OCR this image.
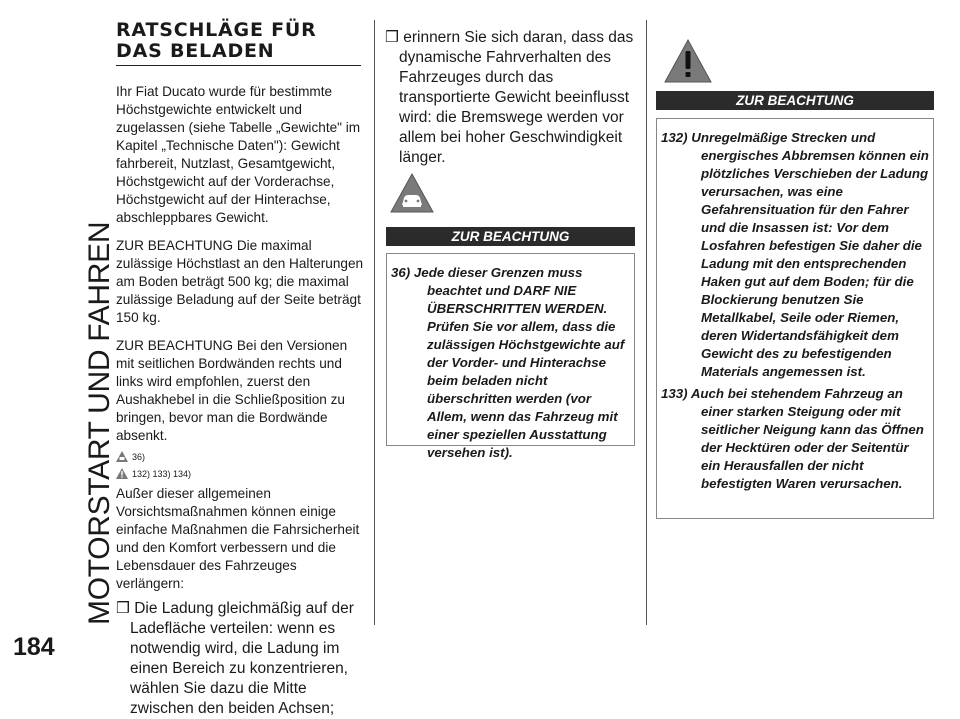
MOTORSTART UND FAHREN
184
RATSCHLÄGE FÜR DAS BELADEN
Ihr Fiat Ducato wurde für bestimmte Höchstgewichte entwickelt und zugelassen (siehe Tabelle „Gewichte" im Kapitel „Technische Daten"): Gewicht fahrbereit, Nutzlast, Gesamtgewicht, Höchstgewicht auf der Vorderachse, Höchstgewicht auf der Hinterachse, abschleppbares Gewicht.
ZUR BEACHTUNG Die maximal zulässige Höchstlast an den Halterungen am Boden beträgt 500 kg; die maximal zulässige Beladung auf der Seite beträgt 150 kg.
ZUR BEACHTUNG Bei den Versionen mit seitlichen Bordwänden rechts und links wird empfohlen, zuerst den Aushakhebel in die Schließposition zu bringen, bevor man die Bordwände absenkt.
36)
132) 133) 134)
Außer dieser allgemeinen Vorsichtsmaßnahmen können einige einfache Maßnahmen die Fahrsicherheit und den Komfort verbessern und die Lebensdauer des Fahrzeuges verlängern:
❒ Die Ladung gleichmäßig auf der Ladefläche verteilen: wenn es notwendig wird, die Ladung im einen Bereich zu konzentrieren, wählen Sie dazu die Mitte zwischen den beiden Achsen;
❒ erinnern Sie sich daran, dass das dynamische Fahrverhalten des Fahrzeuges durch das transportierte Gewicht beeinflusst wird: die Bremswege werden vor allem bei hoher Geschwindigkeit länger.
ZUR BEACHTUNG
36) Jede dieser Grenzen muss beachtet und DARF NIE ÜBERSCHRITTEN WERDEN. Prüfen Sie vor allem, dass die zulässigen Höchstgewichte auf der Vorder- und Hinterachse beim beladen nicht überschritten werden (vor Allem, wenn das Fahrzeug mit einer speziellen Ausstattung versehen ist).
ZUR BEACHTUNG
132) Unregelmäßige Strecken und energisches Abbremsen können ein plötzliches Verschieben der Ladung verursachen, was eine Gefahrensituation für den Fahrer und die Insassen ist: Vor dem Losfahren befestigen Sie daher die Ladung mit den entsprechenden Haken gut auf dem Boden; für die Blockierung benutzen Sie Metallkabel, Seile oder Riemen, deren Widertandsfähigkeit dem Gewicht des zu befestigenden Materials angemessen ist.
133) Auch bei stehendem Fahrzeug an einer starken Steigung oder mit seitlicher Neigung kann das Öffnen der Hecktüren oder der Seitentür ein Herausfallen der nicht befestigten Waren verursachen.
